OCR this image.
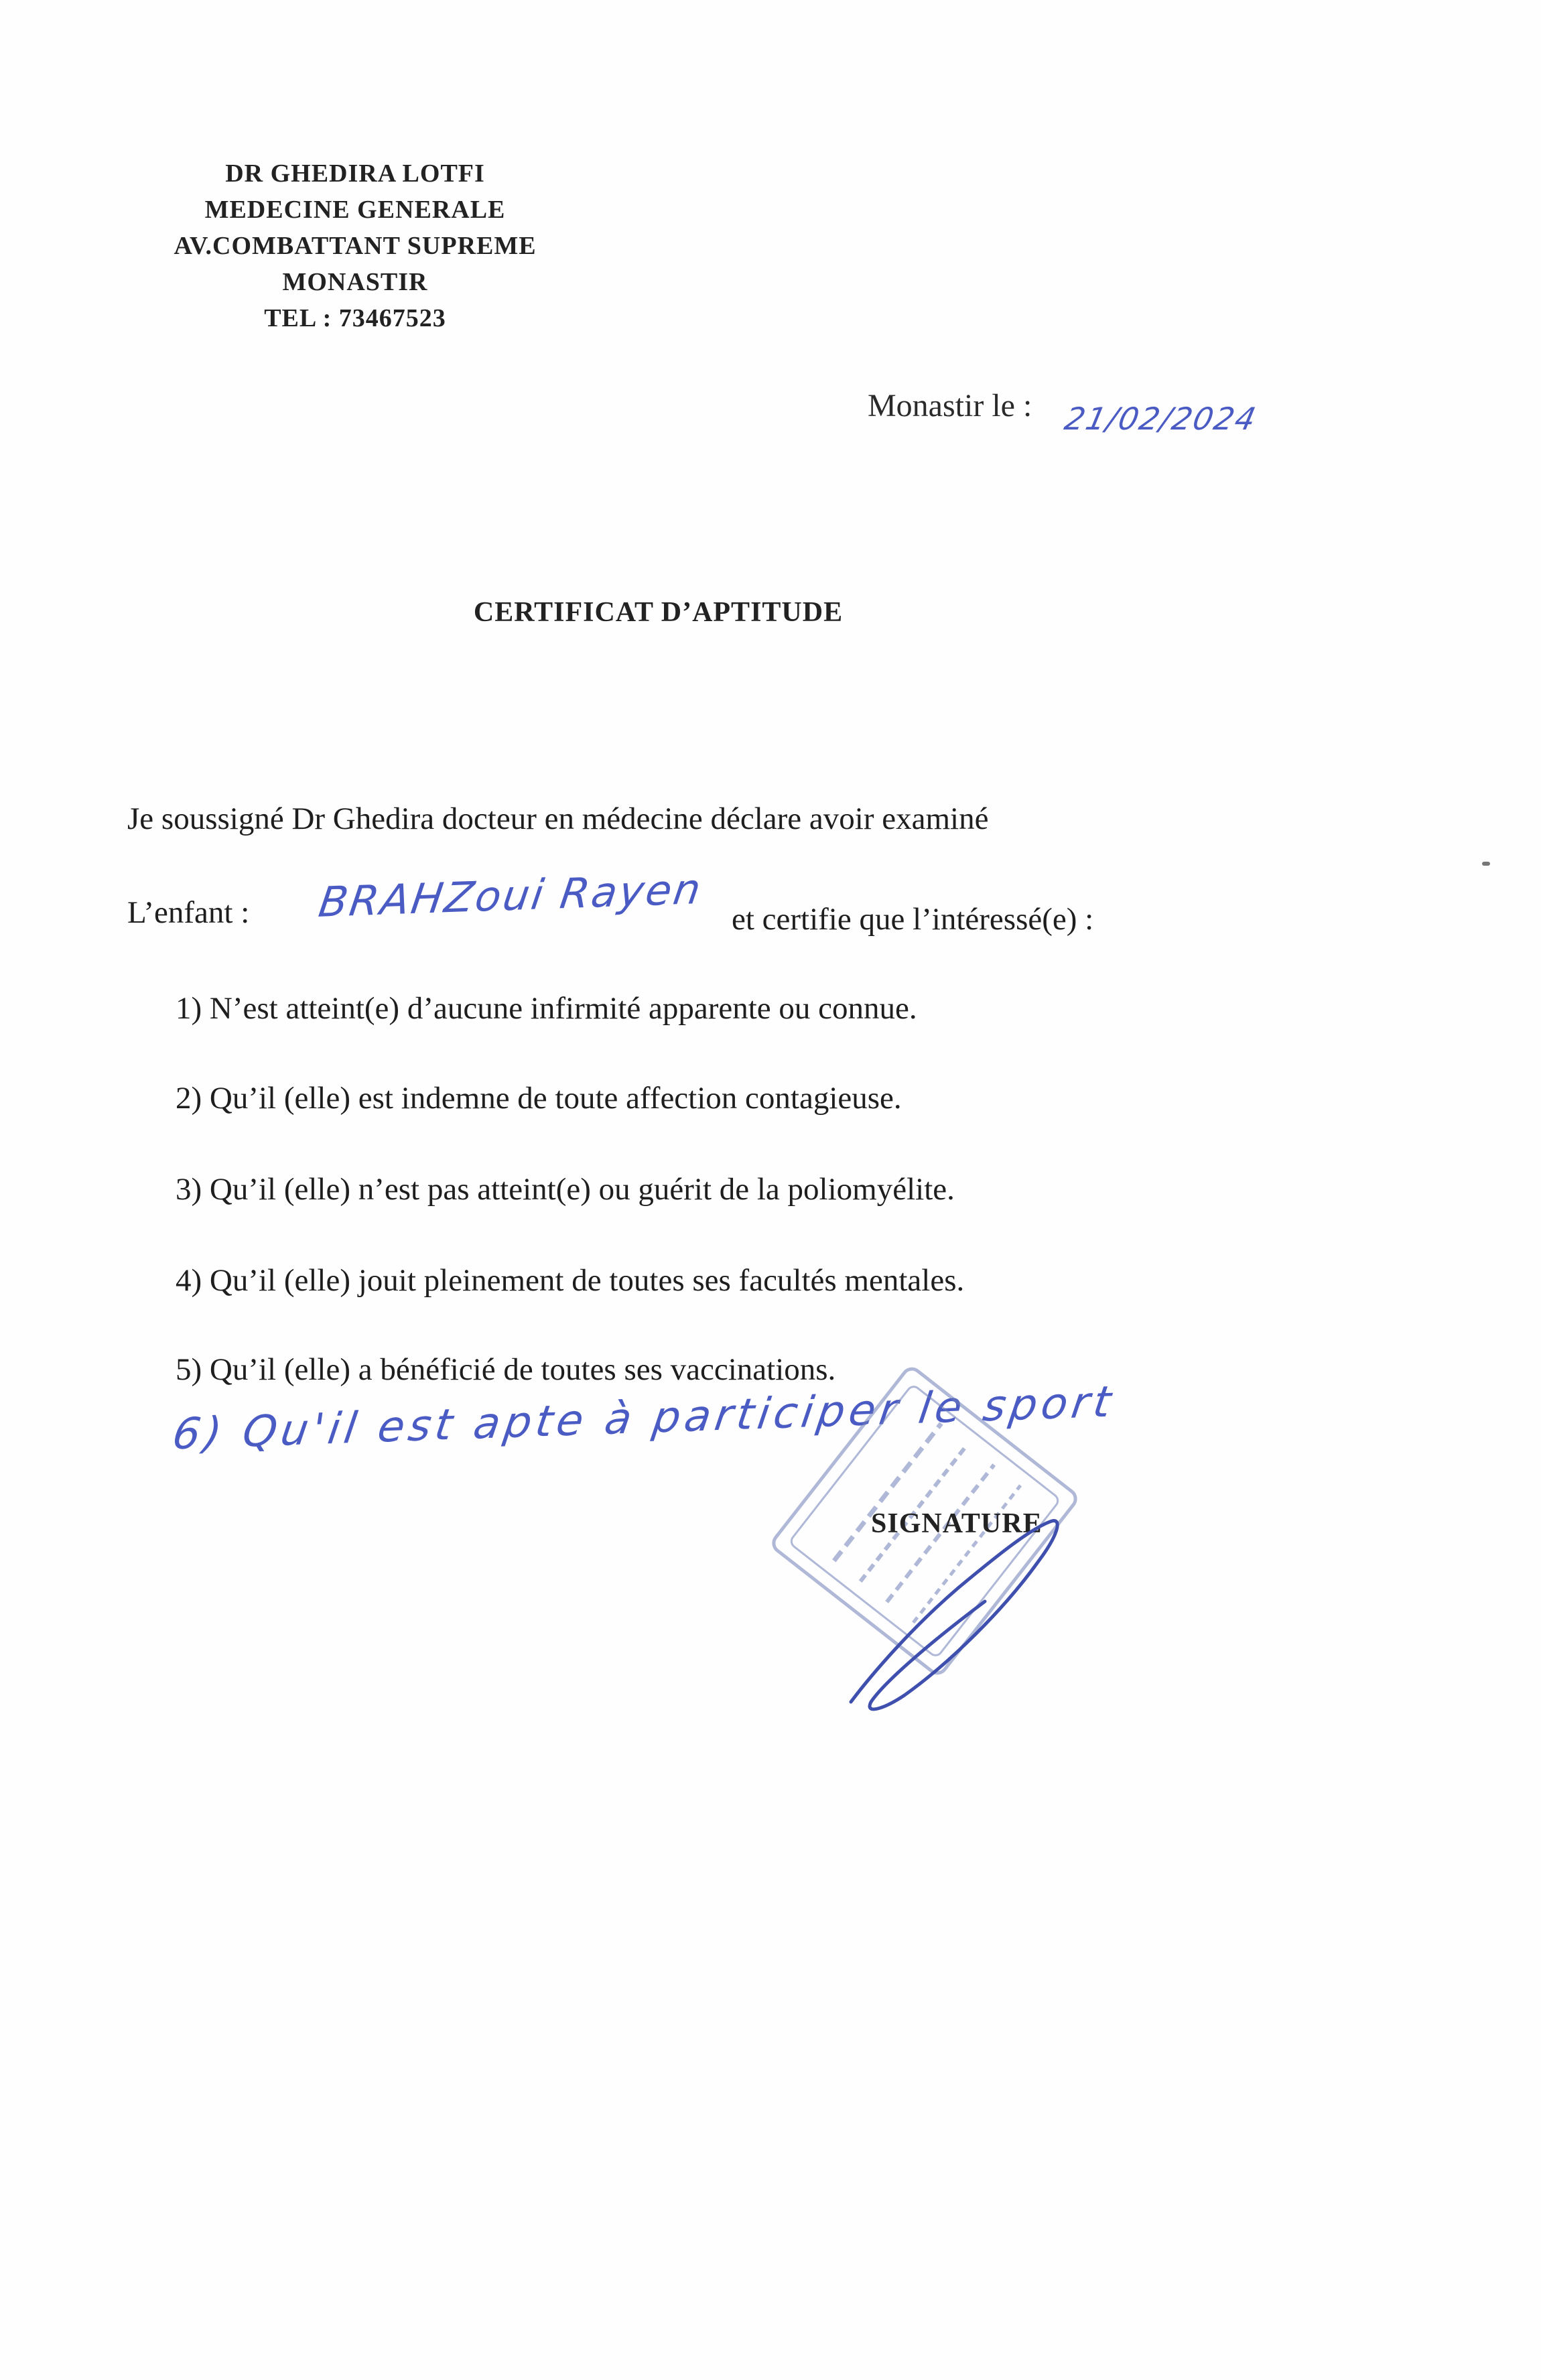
DR GHEDIRA LOTFI
MEDECINE GENERALE
AV.COMBATTANT SUPREME
MONASTIR
TEL : 73467523
Monastir le : 21/02/2024
CERTIFICAT D’APTITUDE
Je soussigné Dr Ghedira docteur en médecine déclare avoir examiné
L’enfant : BRAHZoui Rayen et certifie que l’intéressé(e) :
1) N’est atteint(e) d’aucune infirmité apparente ou connue.
2) Qu’il (elle) est indemne de toute affection contagieuse.
3) Qu’il (elle) n’est pas atteint(e) ou guérit de la poliomyélite.
4) Qu’il (elle) jouit pleinement de toutes ses facultés mentales.
5) Qu’il (elle) a bénéficié de toutes ses vaccinations.
6) Qu'il est apte à participer le sport
SIGNATURE
